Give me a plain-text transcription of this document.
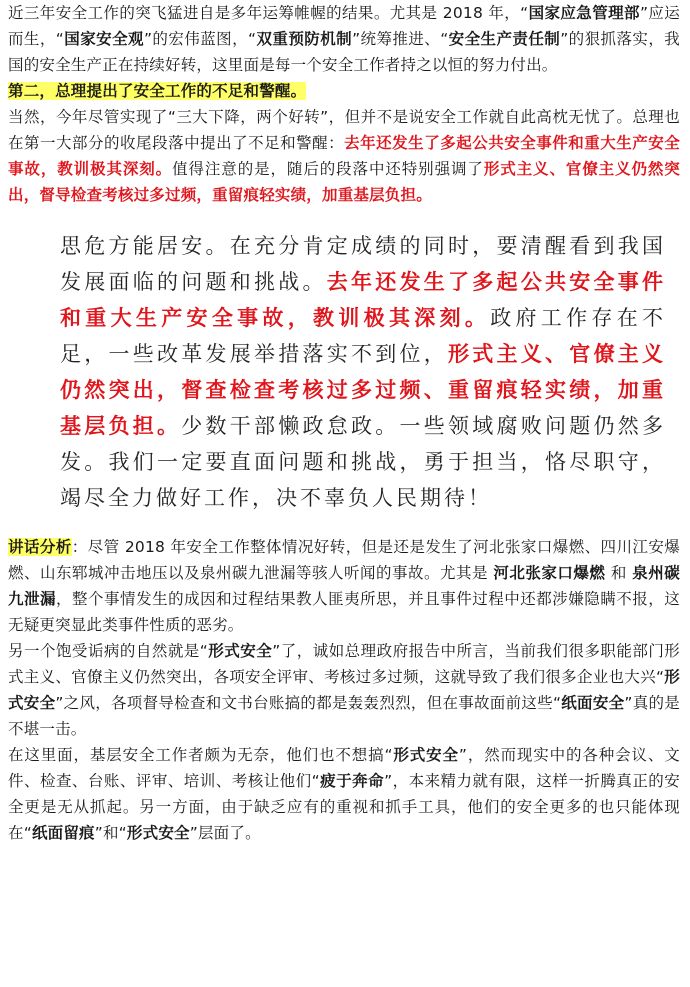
近三年安全工作的突飞猛进自是多年运筹帷幄的结果。尤其是 2018 年，“国家应急管理部”应运而生，“国家安全观”的宏伟蓝图，“双重预防机制”统筹推进、“安全生产责任制”的狠抓落实，我国的安全生产正在持续好转，这里面是每一个安全工作者持之以恒的努力付出。

第二，总理提出了安全工作的不足和警醒。

当然，今年尽管实现了“三大下降，两个好转”，但并不是说安全工作就自此高枕无忧了。总理也在第一大部分的收尾段落中提出了不足和警醒：去年还发生了多起公共安全事件和重大生产安全事故，教训极其深刻。值得注意的是，随后的段落中还特别强调了形式主义、官僚主义仍然突出，督导检查考核过多过频，重留痕轻实绩，加重基层负担。

思危方能居安。在充分肯定成绩的同时，要清醒看到我国发展面临的问题和挑战。去年还发生了多起公共安全事件和重大生产安全事故，教训极其深刻。政府工作存在不足，一些改革发展举措落实不到位，形式主义、官僚主义仍然突出，督查检查考核过多过频、重留痕轻实绩，加重基层负担。少数干部懒政怠政。一些领域腐败问题仍然多发。我们一定要直面问题和挑战，勇于担当，恪尽职守，竭尽全力做好工作，决不辜负人民期待！

讲话分析：尽管 2018 年安全工作整体情况好转，但是还是发生了河北张家口爆燃、四川江安爆燃、山东郓城冲击地压以及泉州碳九泄漏等骇人听闻的事故。尤其是 河北张家口爆燃 和 泉州碳九泄漏，整个事情发生的成因和过程结果教人匪夷所思，并且事件过程中还都涉嫌隐瞒不报，这无疑更突显此类事件性质的恶劣。

另一个饱受诟病的自然就是“形式安全”了，诚如总理政府报告中所言，当前我们很多职能部门形式主义、官僚主义仍然突出，各项安全评审、考核过多过频，这就导致了我们很多企业也大兴“形式安全”之风，各项督导检查和文书台账搞的都是轰轰烈烈，但在事故面前这些“纸面安全”真的是不堪一击。

在这里面，基层安全工作者颇为无奈，他们也不想搞“形式安全”，然而现实中的各种会议、文件、检查、台账、评审、培训、考核让他们“疲于奔命”，本来精力就有限，这样一折腾真正的安全更是无从抓起。另一方面，由于缺乏应有的重视和抓手工具，他们的安全更多的也只能体现在“纸面留痕”和“形式安全”层面了。
